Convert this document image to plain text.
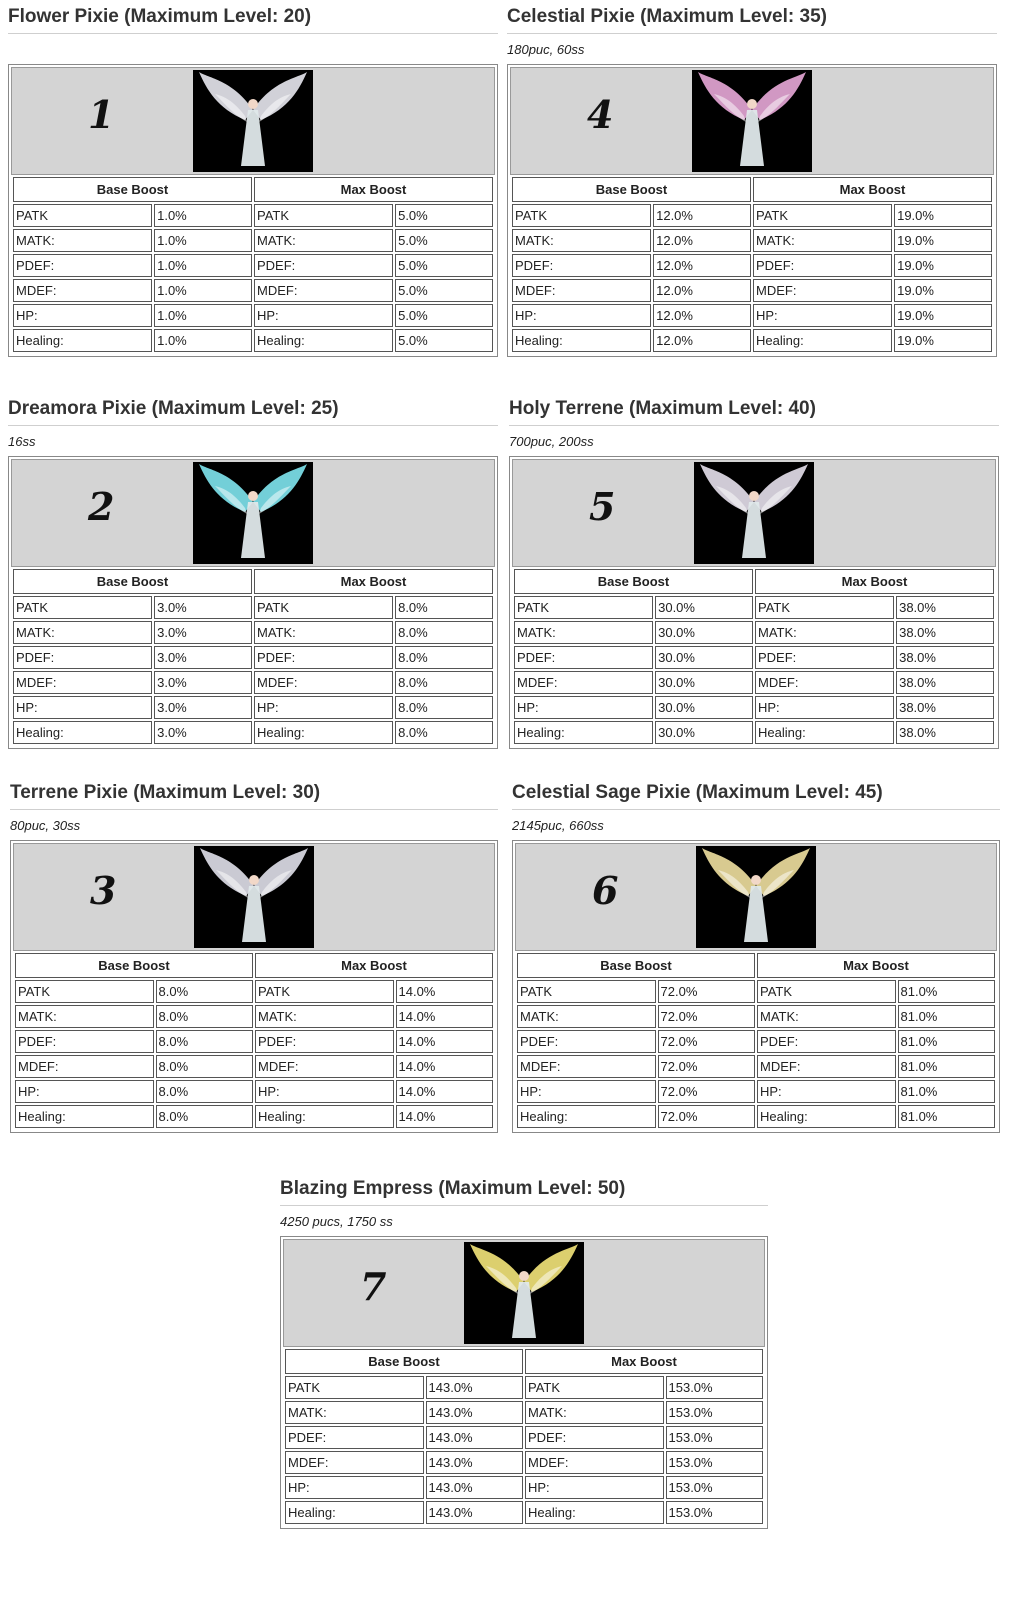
Flower Pixie (Maximum Level: 20)
1
Base Boost		Max Boost	
PATK	1.0%	PATK	5.0%
MATK:	1.0%	MATK:	5.0%
PDEF:	1.0%	PDEF:	5.0%
MDEF:	1.0%	MDEF:	5.0%
HP:	1.0%	HP:	5.0%
Healing:	1.0%	Healing:	5.0%
Dreamora Pixie (Maximum Level: 25)
16ss
2
Base Boost		Max Boost	
PATK	3.0%	PATK	8.0%
MATK:	3.0%	MATK:	8.0%
PDEF:	3.0%	PDEF:	8.0%
MDEF:	3.0%	MDEF:	8.0%
HP:	3.0%	HP:	8.0%
Healing:	3.0%	Healing:	8.0%
Terrene Pixie (Maximum Level: 30)
80puc, 30ss
3
Base Boost		Max Boost	
PATK	8.0%	PATK	14.0%
MATK:	8.0%	MATK:	14.0%
PDEF:	8.0%	PDEF:	14.0%
MDEF:	8.0%	MDEF:	14.0%
HP:	8.0%	HP:	14.0%
Healing:	8.0%	Healing:	14.0%
Celestial Pixie (Maximum Level: 35)
180puc, 60ss
4
Base Boost		Max Boost	
PATK	12.0%	PATK	19.0%
MATK:	12.0%	MATK:	19.0%
PDEF:	12.0%	PDEF:	19.0%
MDEF:	12.0%	MDEF:	19.0%
HP:	12.0%	HP:	19.0%
Healing:	12.0%	Healing:	19.0%
Holy Terrene (Maximum Level: 40)
700puc, 200ss
5
Base Boost		Max Boost	
PATK	30.0%	PATK	38.0%
MATK:	30.0%	MATK:	38.0%
PDEF:	30.0%	PDEF:	38.0%
MDEF:	30.0%	MDEF:	38.0%
HP:	30.0%	HP:	38.0%
Healing:	30.0%	Healing:	38.0%
Celestial Sage Pixie (Maximum Level: 45)
2145puc, 660ss
6
Base Boost		Max Boost	
PATK	72.0%	PATK	81.0%
MATK:	72.0%	MATK:	81.0%
PDEF:	72.0%	PDEF:	81.0%
MDEF:	72.0%	MDEF:	81.0%
HP:	72.0%	HP:	81.0%
Healing:	72.0%	Healing:	81.0%
Blazing Empress (Maximum Level: 50)
4250 pucs, 1750 ss
7
Base Boost		Max Boost	
PATK	143.0%	PATK	153.0%
MATK:	143.0%	MATK:	153.0%
PDEF:	143.0%	PDEF:	153.0%
MDEF:	143.0%	MDEF:	153.0%
HP:	143.0%	HP:	153.0%
Healing:	143.0%	Healing:	153.0%
